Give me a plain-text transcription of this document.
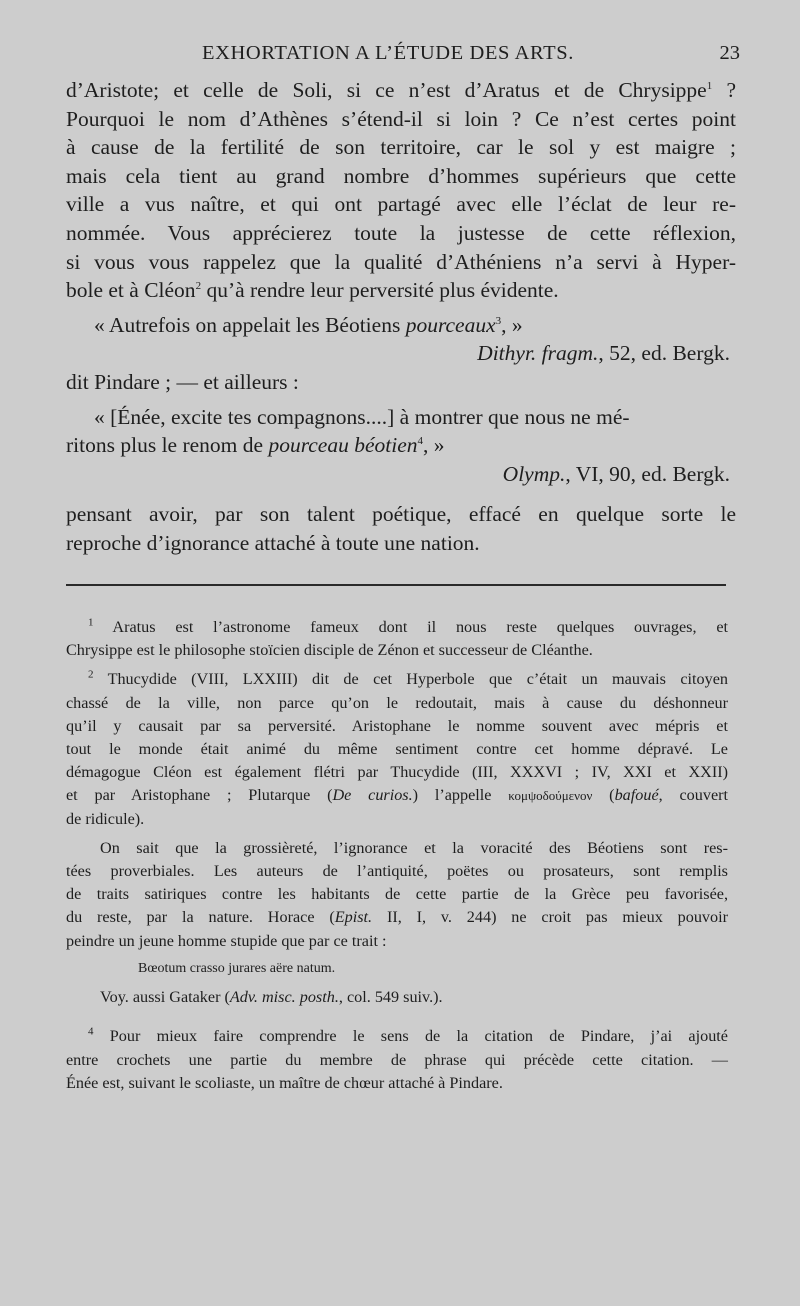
EXHORTATION A L’ÉTUDE DES ARTS.	23

d’Aristote; et celle de Soli, si ce n’est d’Aratus et de Chrysippe$^1$ ?
Pourquoi le nom d’Athènes s’étend-il si loin ? Ce n’est certes point
à cause de la fertilité de son territoire, car le sol y est maigre ;
mais cela tient au grand nombre d’hommes supérieurs que cette
ville a vus naître, et qui ont partagé avec elle l’éclat de leur re-
nommée. Vous apprécierez toute la justesse de cette réflexion,
si vous vous rappelez que la qualité d’Athéniens n’a servi à Hyper-
bole et à Cléon$^2$ qu’à rendre leur perversité plus évidente.

« Autrefois on appelait les Béotiens pourceaux$^3$, »

Dithyr. fragm., 52, ed. Bergk.

dit Pindare ; — et ailleurs :

« [Énée, excite tes compagnons....] à montrer que nous ne mé-

ritons plus le renom de pourceau béotien$^4$, »

Olymp., VI, 90, ed. Bergk.

pensant avoir, par son talent poétique, effacé en quelque sorte le
reproche d’ignorance attaché à toute une nation.

$^1$ Aratus est l’astronome fameux dont il nous reste quelques ouvrages, et
Chrysippe est le philosophe stoïcien disciple de Zénon et successeur de Cléanthe.

$^2$ Thucydide (VIII, LXXIII) dit de cet Hyperbole que c’était un mauvais citoyen
chassé de la ville, non parce qu’on le redoutait, mais à cause du déshonneur
qu’il y causait par sa perversité. Aristophane le nomme souvent avec mépris et
tout le monde était animé du même sentiment contre cet homme dépravé. Le
démagogue Cléon est également flétri par Thucydide (III, XXXVI ; IV, XXI et XXII)
et par Aristophane ; Plutarque (De curios.) l’appelle κομψοδούμενον (bafoué, couvert
de ridicule).

On sait que la grossièreté, l’ignorance et la voracité des Béotiens sont res-
tées proverbiales. Les auteurs de l’antiquité, poëtes ou prosateurs, sont remplis
de traits satiriques contre les habitants de cette partie de la Grèce peu favorisée,
du reste, par la nature. Horace (Epist. II, I, v. 244) ne croit pas mieux pouvoir
peindre un jeune homme stupide que par ce trait :

Bœotum crasso jurares aëre natum.

Voy. aussi Gataker (Adv. misc. posth., col. 549 suiv.).

$^4$ Pour mieux faire comprendre le sens de la citation de Pindare, j’ai ajouté
entre crochets une partie du membre de phrase qui précède cette citation. —
Énée est, suivant le scoliaste, un maître de chœur attaché à Pindare.
